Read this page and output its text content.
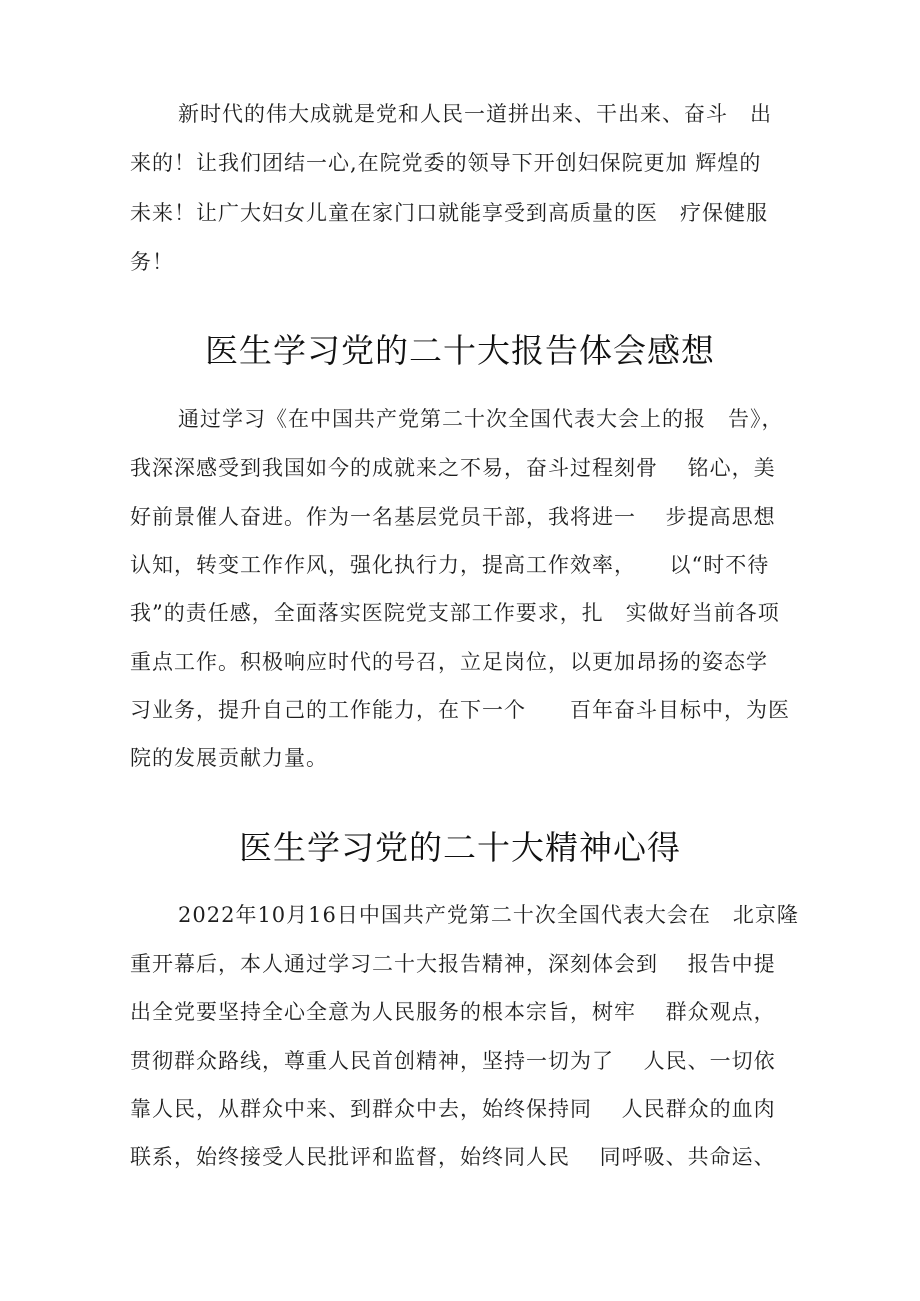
新时代的伟大成就是党和人民一道拼出来、干出来、奋斗　出
来的！让我们团结一心,在院党委的领导下开创妇保院更加 辉煌的
未来！让广大妇女儿童在家门口就能享受到高质量的医　疗保健服
务！
医生学习党的二十大报告体会感想
通过学习《在中国共产党第二十次全国代表大会上的报　告》，
我深深感受到我国如今的成就来之不易，奋斗过程刻骨　 铭心，美
好前景催人奋进。作为一名基层党员干部，我将进一　 步提高思想
认知，转变工作作风，强化执行力，提高工作效率，　　以“时不待
我”的责任感，全面落实医院党支部工作要求，扎　实做好当前各项
重点工作。积极响应时代的号召，立足岗位，以更加昂扬的姿态学
习业务，提升自己的工作能力，在下一个　　百年奋斗目标中，为医
院的发展贡献力量。
医生学习党的二十大精神心得
2022年10月16日中国共产党第二十次全国代表大会在　北京隆
重开幕后，本人通过学习二十大报告精神，深刻体会到　 报告中提
出全党要坚持全心全意为人民服务的根本宗旨，树牢　 群众观点，
贯彻群众路线，尊重人民首创精神，坚持一切为了　 人民、一切依
靠人民，从群众中来、到群众中去，始终保持同　 人民群众的血肉
联系，始终接受人民批评和监督，始终同人民　 同呼吸、共命运、
